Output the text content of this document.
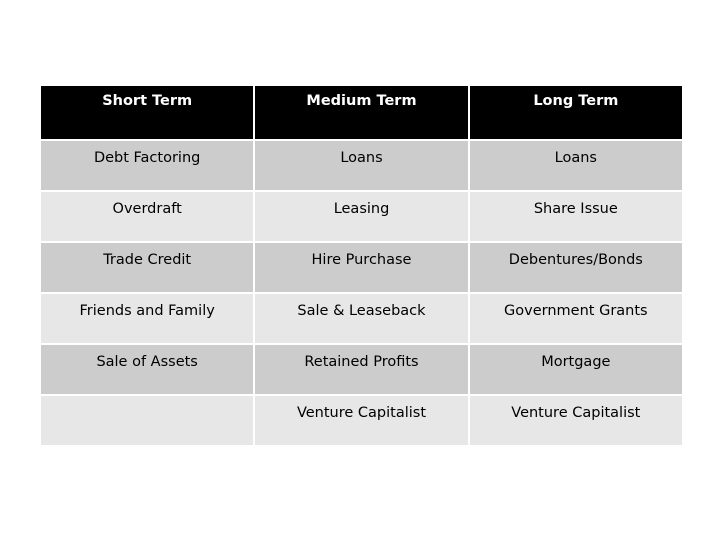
Short Term	Medium Term	Long Term
Debt Factoring	Loans	Loans
Overdraft	Leasing	Share Issue
Trade Credit	Hire Purchase	Debentures/Bonds
Friends and Family	Sale & Leaseback	Government Grants
Sale of Assets	Retained Profits	Mortgage
	Venture Capitalist	Venture Capitalist
